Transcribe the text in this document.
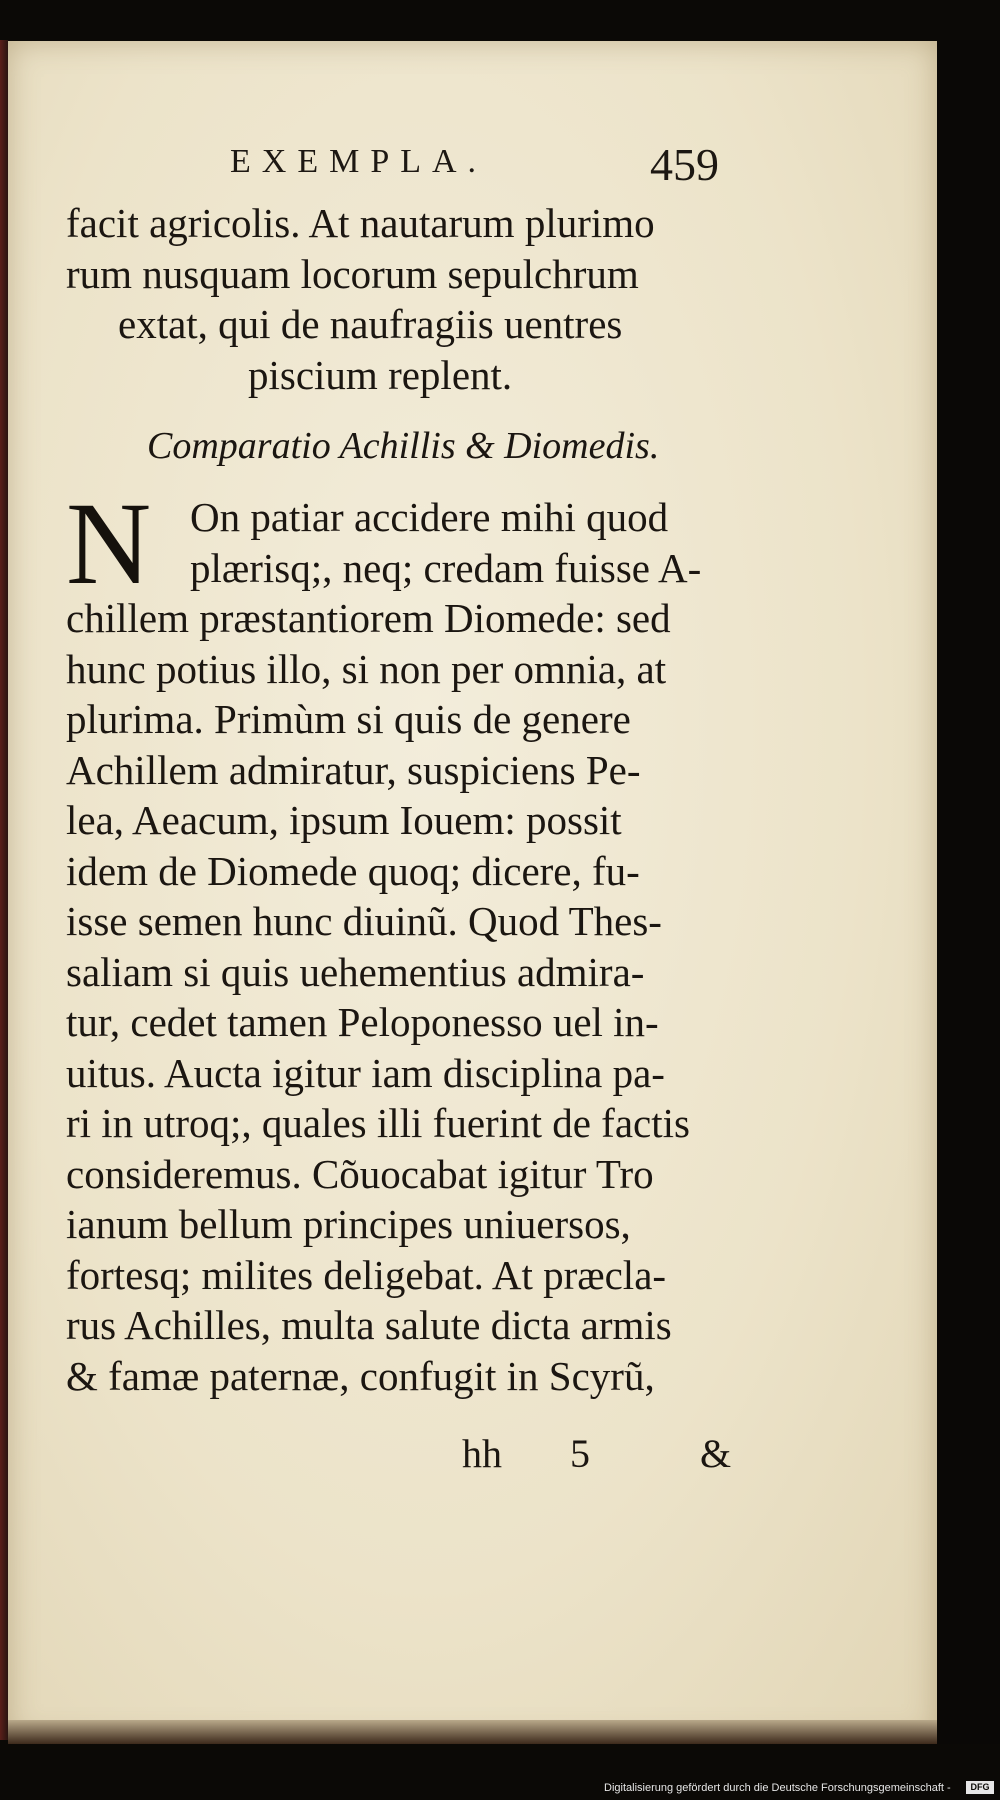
EXEMPLA.	459
facit agricolis. At nautarum plurimo
rum nusquam locorum sepulchrum
extat, qui de naufragiis uentres
piscium replent.
Comparatio Achillis & Diomedis.
N On patiar accidere mihi quod
plærisq;, neq; credam fuisse A-
chillem præstantiorem Diomede: sed
hunc potius illo, si non per omnia, at
plurima. Primùm si quis de genere
Achillem admiratur, suspiciens Pe-
lea, Aeacum, ipsum Iouem: possit
idem de Diomede quoq; dicere, fu-
isse semen hunc diuinũ. Quod Thes-
saliam si quis uehementius admira-
tur, cedet tamen Peloponesso uel in-
uitus. Aucta igitur iam disciplina pa-
ri in utroq;, quales illi fuerint de factis
consideremus. Cõuocabat igitur Tro
ianum bellum principes uniuersos,
fortesq; milites deligebat. At præcla-
rus Achilles, multa salute dicta armis
& famæ paternæ, confugit in Scyrũ,
hh 5	&
Digitalisierung gefördert durch die Deutsche Forschungsgemeinschaft -	DFG
